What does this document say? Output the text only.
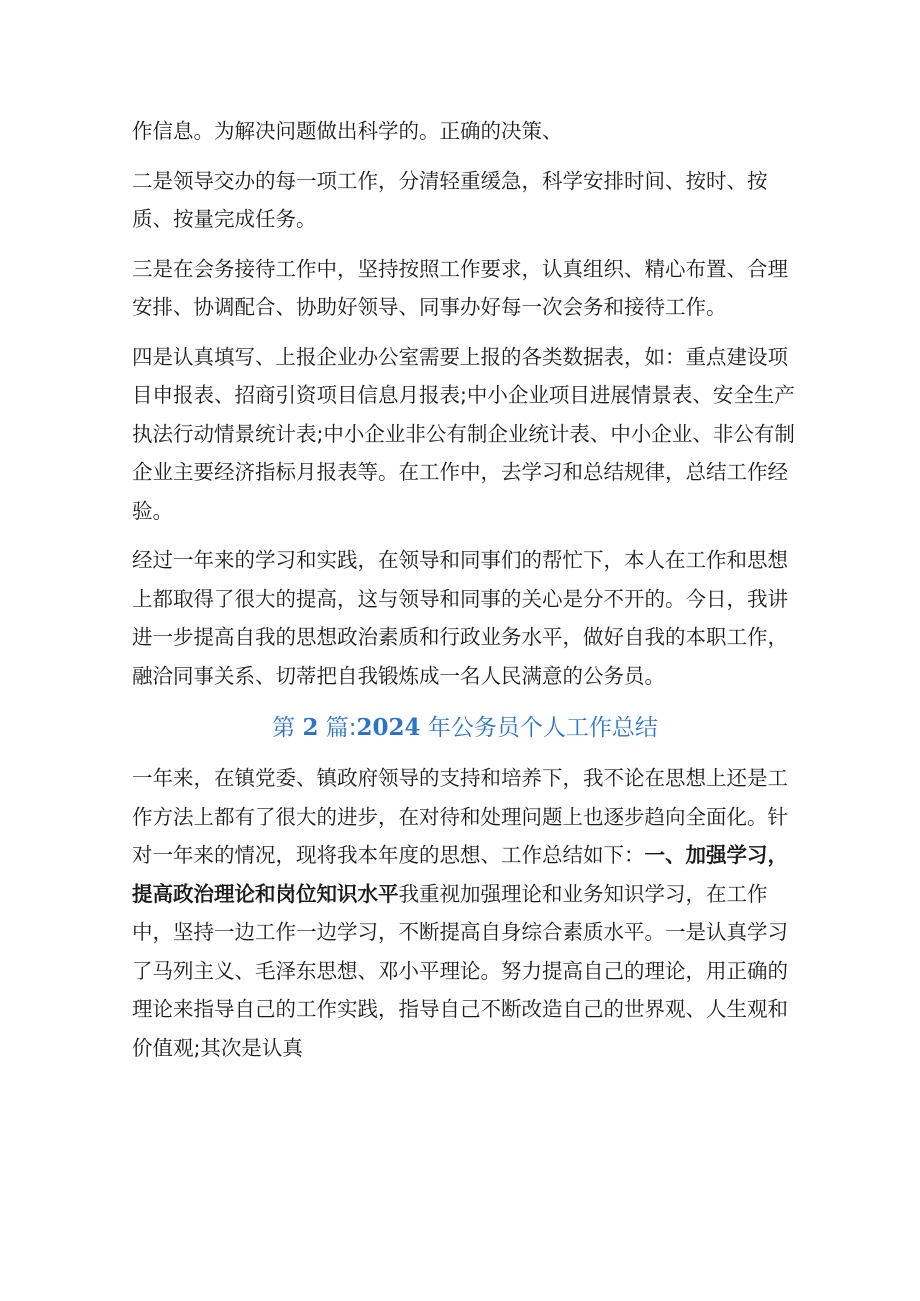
作信息。为解决问题做出科学的。正确的决策、

二是领导交办的每一项工作，分清轻重缓急，科学安排时间、按时、按质、按量完成任务。

三是在会务接待工作中，坚持按照工作要求，认真组织、精心布置、合理安排、协调配合、协助好领导、同事办好每一次会务和接待工作。

四是认真填写、上报企业办公室需要上报的各类数据表，如：重点建设项目申报表、招商引资项目信息月报表;中小企业项目进展情景表、安全生产执法行动情景统计表;中小企业非公有制企业统计表、中小企业、非公有制企业主要经济指标月报表等。在工作中，去学习和总结规律，总结工作经验。

经过一年来的学习和实践，在领导和同事们的帮忙下，本人在工作和思想上都取得了很大的提高，这与领导和同事的关心是分不开的。今日，我讲进一步提高自我的思想政治素质和行政业务水平，做好自我的本职工作，融洽同事关系、切蒂把自我锻炼成一名人民满意的公务员。

第 2 篇:2024 年公务员个人工作总结

一年来，在镇党委、镇政府领导的支持和培养下，我不论在思想上还是工作方法上都有了很大的进步，在对待和处理问题上也逐步趋向全面化。针对一年来的情况，现将我本年度的思想、工作总结如下：一、加强学习，提高政治理论和岗位知识水平我重视加强理论和业务知识学习，在工作中，坚持一边工作一边学习，不断提高自身综合素质水平。一是认真学习了马列主义、毛泽东思想、邓小平理论。努力提高自己的理论，用正确的理论来指导自己的工作实践，指导自己不断改造自己的世界观、人生观和价值观;其次是认真
